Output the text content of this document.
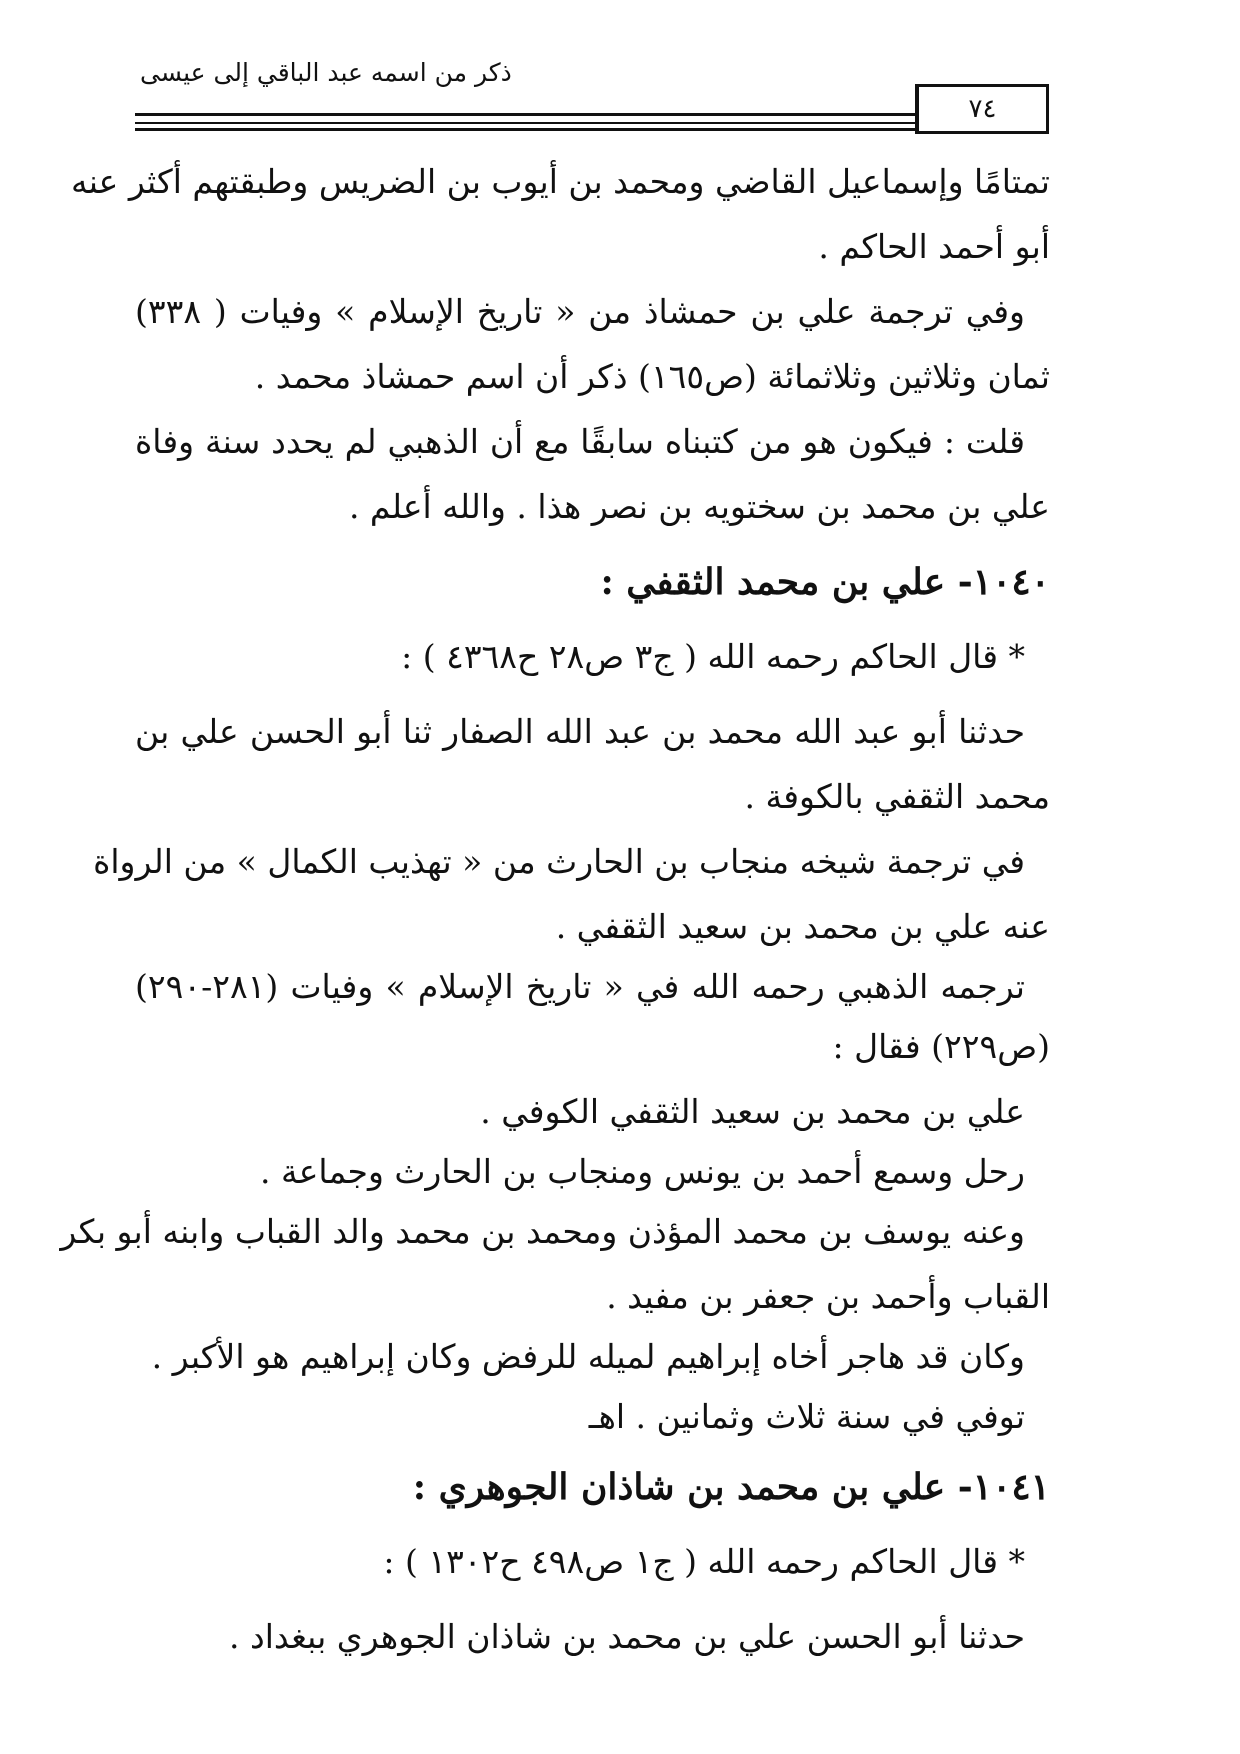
ذكر من اسمه عبد الباقي إلى عيسى
٧٤
تمتامًا وإسماعيل القاضي ومحمد بن أيوب بن الضريس وطبقتهم أكثر عنه
أبو أحمد الحاكم .
وفي ترجمة علي بن حمشاذ من « تاريخ الإسلام » وفيات ( ٣٣٨)
ثمان وثلاثين وثلاثمائة (ص١٦٥) ذكر أن اسم حمشاذ محمد .
قلت : فيكون هو من كتبناه سابقًا مع أن الذهبي لم يحدد سنة وفاة
علي بن محمد بن سختويه بن نصر هذا . والله أعلم .
١٠٤٠- علي بن محمد الثقفي :
* قال الحاكم رحمه الله ( ج٣ ص٢٨ ح٤٣٦٨ ) :
حدثنا أبو عبد الله محمد بن عبد الله الصفار ثنا أبو الحسن علي بن
محمد الثقفي بالكوفة .
في ترجمة شيخه منجاب بن الحارث من « تهذيب الكمال » من الرواة
عنه علي بن محمد بن سعيد الثقفي .
ترجمه الذهبي رحمه الله في « تاريخ الإسلام » وفيات (٢٨١-٢٩٠)
(ص٢٢٩) فقال :
علي بن محمد بن سعيد الثقفي الكوفي .
رحل وسمع أحمد بن يونس ومنجاب بن الحارث وجماعة .
وعنه يوسف بن محمد المؤذن ومحمد بن محمد والد القباب وابنه أبو بكر
القباب وأحمد بن جعفر بن مفيد .
وكان قد هاجر أخاه إبراهيم لميله للرفض وكان إبراهيم هو الأكبر .
توفي في سنة ثلاث وثمانين . اهـ
١٠٤١- علي بن محمد بن شاذان الجوهري :
* قال الحاكم رحمه الله ( ج١ ص٤٩٨ ح١٣٠٢ ) :
حدثنا أبو الحسن علي بن محمد بن شاذان الجوهري ببغداد .
